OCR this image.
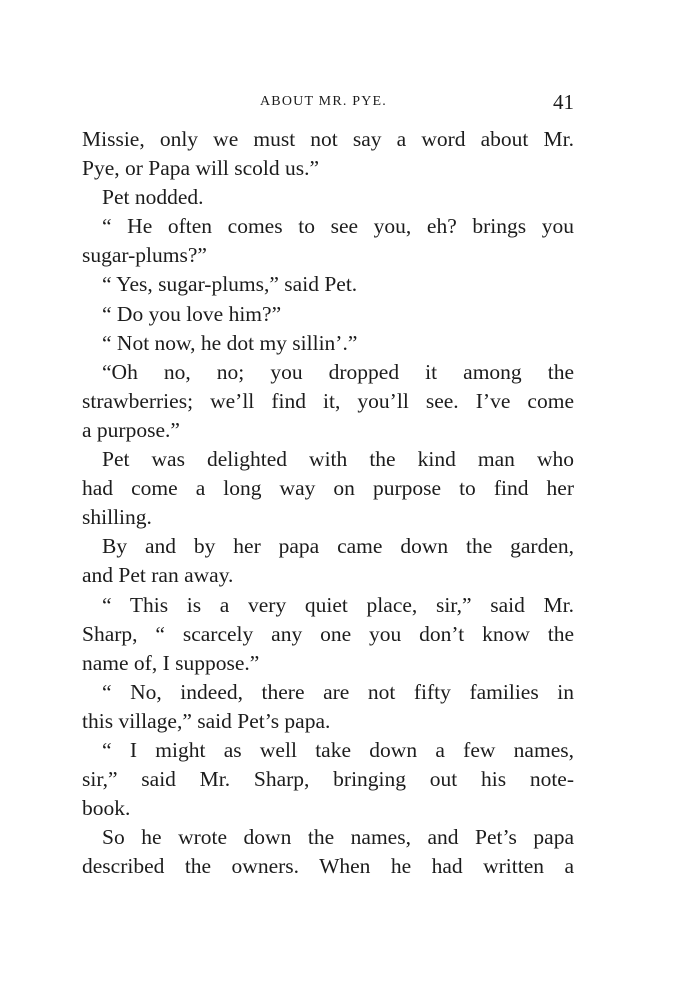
ABOUT MR. PYE.	41
Missie, only we must not say a word about Mr.
Pye, or Papa will scold us.”
Pet nodded.
“ He often comes to see you, eh? brings you
sugar-plums?”
“ Yes, sugar-plums,” said Pet.
“ Do you love him?”
“ Not now, he dot my sillin’.”
“Oh no, no; you dropped it among the
strawberries; we’ll find it, you’ll see. I’ve come
a purpose.”
Pet was delighted with the kind man who
had come a long way on purpose to find her
shilling.
By and by her papa came down the garden,
and Pet ran away.
“ This is a very quiet place, sir,” said Mr.
Sharp, “ scarcely any one you don’t know the
name of, I suppose.”
“ No, indeed, there are not fifty families in
this village,” said Pet’s papa.
“ I might as well take down a few names,
sir,” said Mr. Sharp, bringing out his note-
book.
So he wrote down the names, and Pet’s papa
described the owners. When he had written a
